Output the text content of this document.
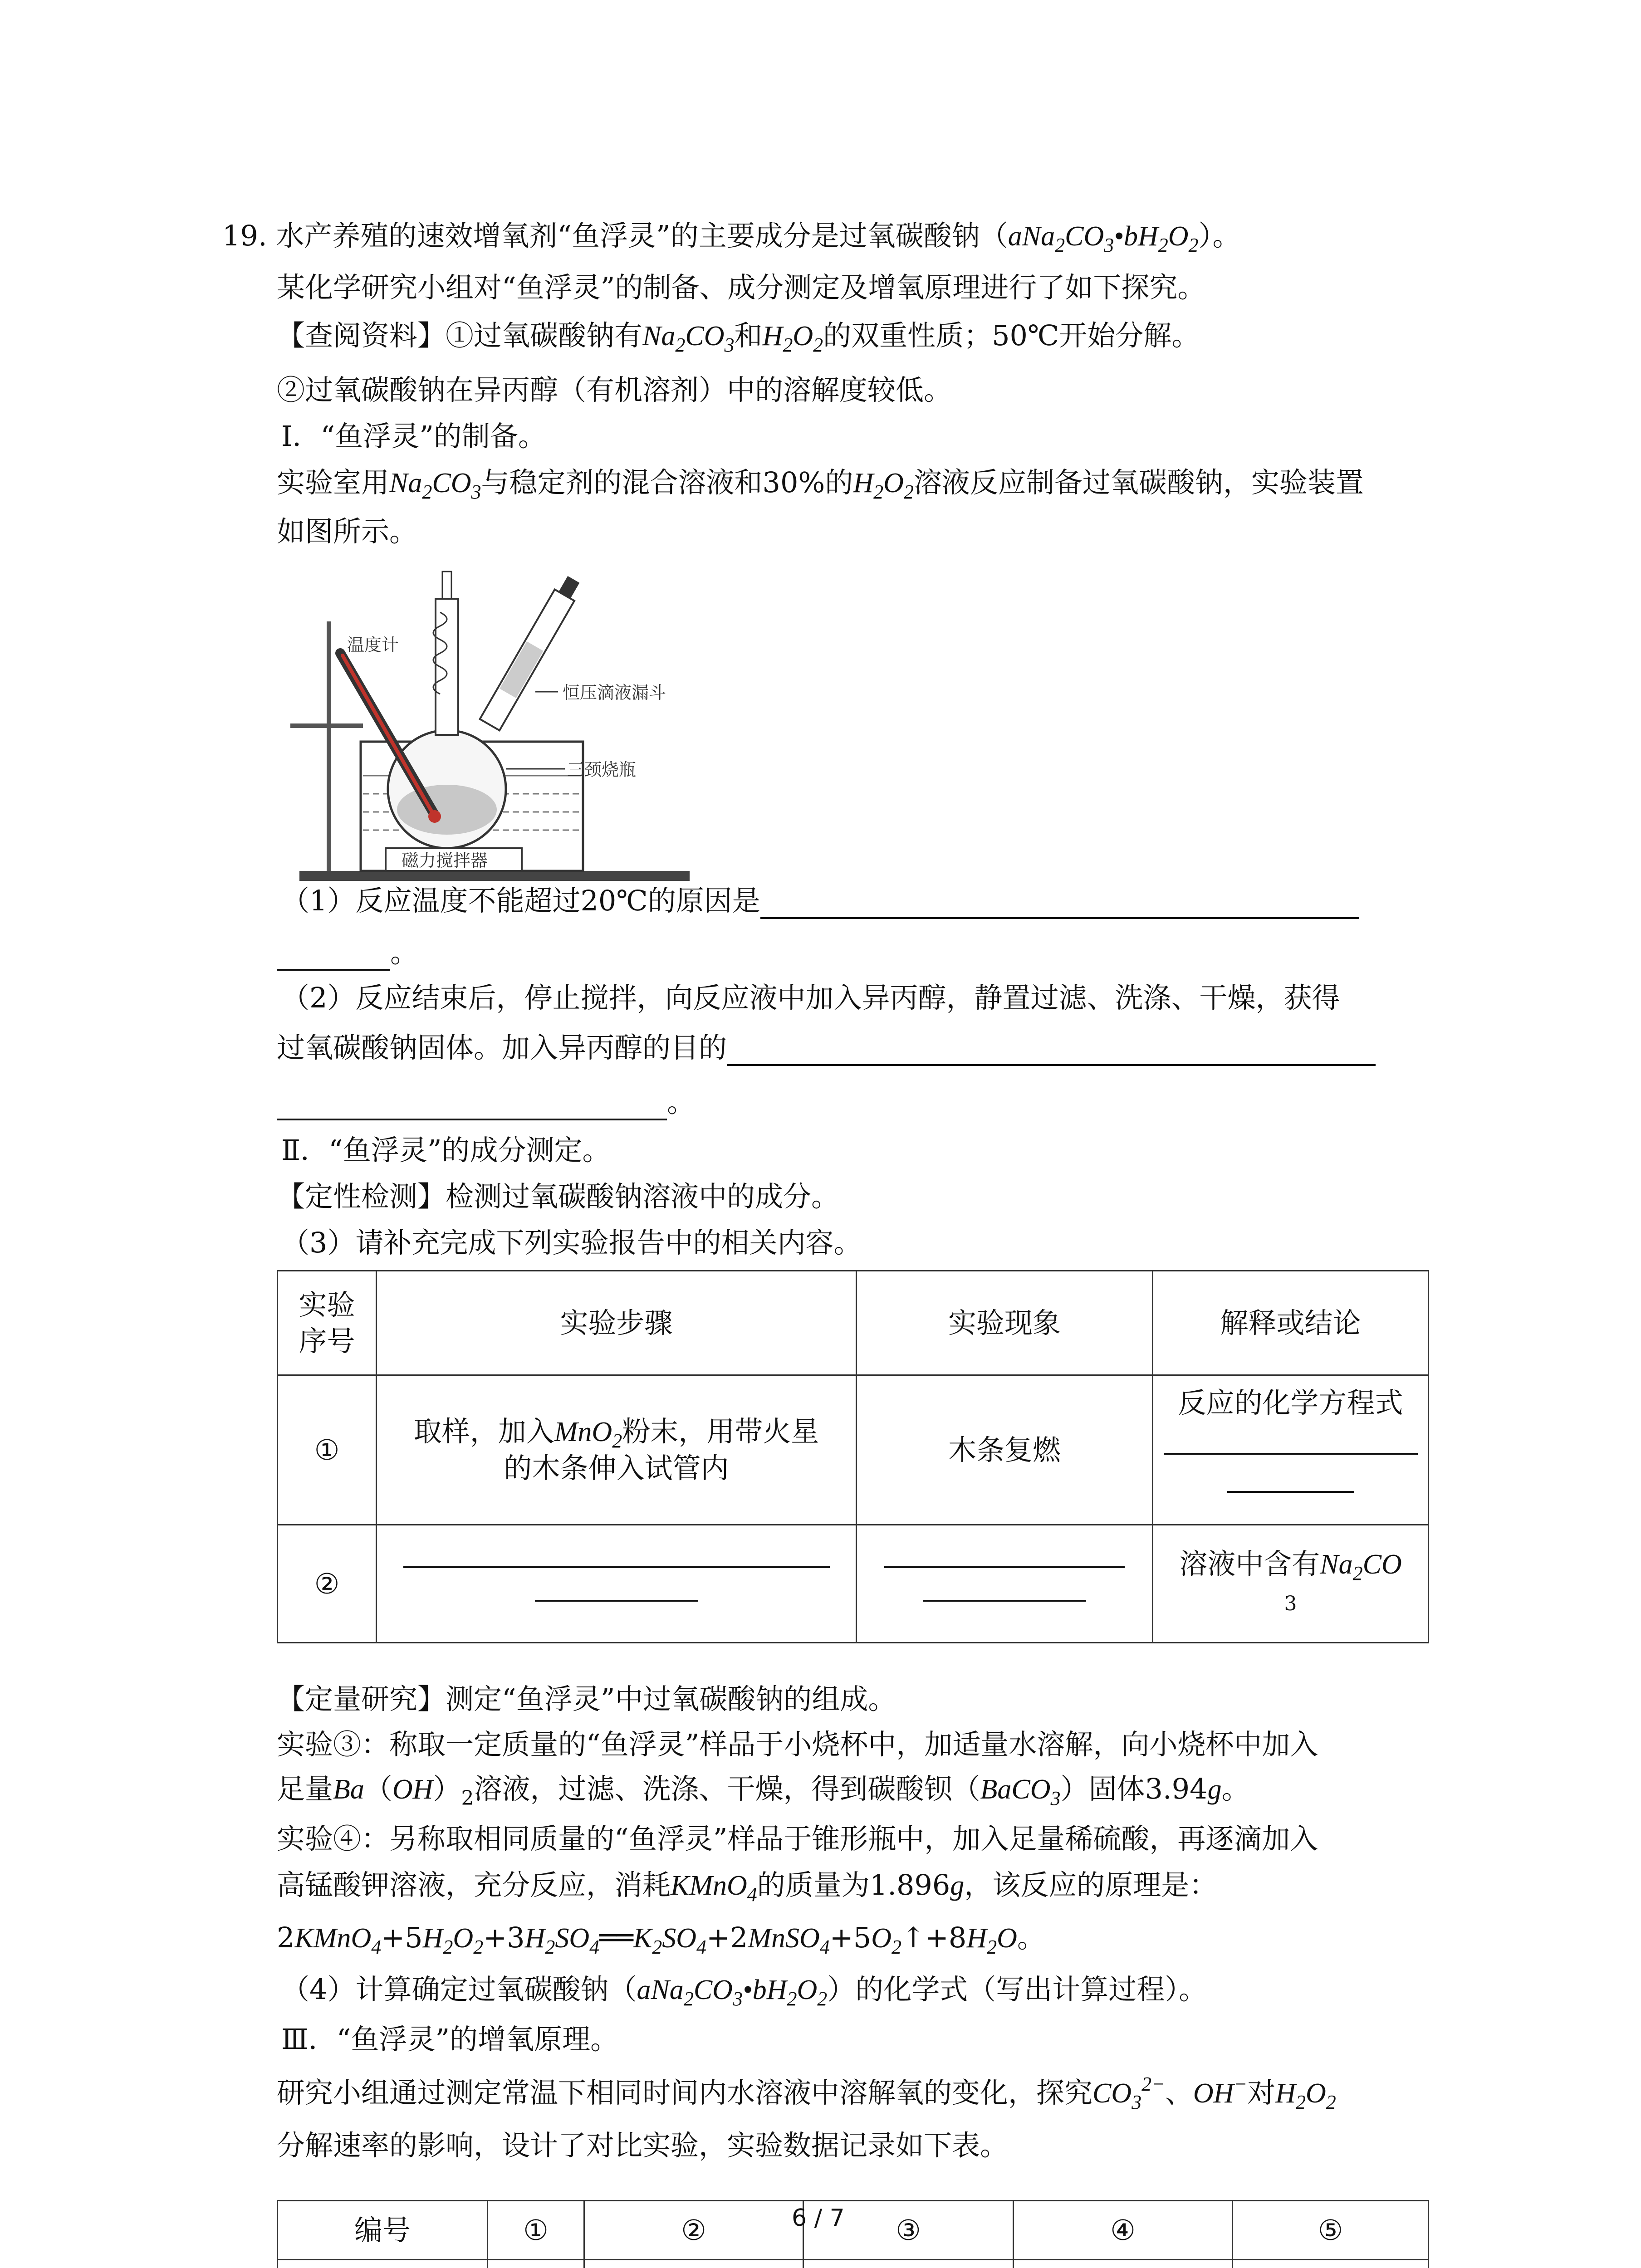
19. 水产养殖的速效增氧剂“鱼浮灵”的主要成分是过氧碳酸钠$(aNa_2CO_3•bH_2O_2)$。
某化学研究小组对“鱼浮灵”的制备、成分测定及增氧原理进行了如下探究。
【查阅资料】①过氧碳酸钠有$Na_2CO_3$和$H_2O_2$的双重性质；50℃开始分解。
②过氧碳酸钠在异丙醇（有机溶剂）中的溶解度较低。
Ⅰ．“鱼浮灵”的制备。
实验室用$Na_2CO_3$与稳定剂的混合溶液和30%的$H_2O_2$溶液反应制备过氧碳酸钠，实验装置
如图所示。
磁力搅拌器
温度计
恒压滴液漏斗
三颈烧瓶
（1）反应温度不能超过20℃的原因是
。
（2）反应结束后，停止搅拌，向反应液中加入异丙醇，静置过滤、洗涤、干燥，获得
过氧碳酸钠固体。加入异丙醇的目的
。
Ⅱ．“鱼浮灵”的成分测定。
【定性检测】检测过氧碳酸钠溶液中的成分。
（3）请补充完成下列实验报告中的相关内容。
实验
序号	实验步骤	实验现象	解释或结论
①	取样，加入MnO$_2$粉末，用带火星
的木条伸入试管内	木条复燃	反应的化学方程式

②			溶液中含有$Na_2CO$
3
【定量研究】测定“鱼浮灵”中过氧碳酸钠的组成。
实验③：称取一定质量的“鱼浮灵”样品于小烧杯中，加适量水溶解，向小烧杯中加入
足量$Ba(OH)_2$溶液，过滤、洗涤、干燥，得到碳酸钡（BaCO$_3$）固体3.94g。
实验④：另称取相同质量的“鱼浮灵”样品于锥形瓶中，加入足量稀硫酸，再逐滴加入
高锰酸钾溶液，充分反应，消耗KMnO$_4$的质量为1.896g，该反应的原理是：
$2KMnO_4+5H_2O_2+3H_2SO_4══K_2SO_4+2MnSO_4+5O_2↑+8H_2O$。
（4）计算确定过氧碳酸钠$(aNa_2CO_3•bH_2O_2)$的化学式（写出计算过程）。
Ⅲ．“鱼浮灵”的增氧原理。
研究小组通过测定常温下相同时间内水溶液中溶解氧的变化，探究$CO_3^{2-}$、OH−对$H_2O_2$
分解速率的影响，设计了对比实验，实验数据记录如下表。
编号	①	②	③	④	⑤

6 / 7
